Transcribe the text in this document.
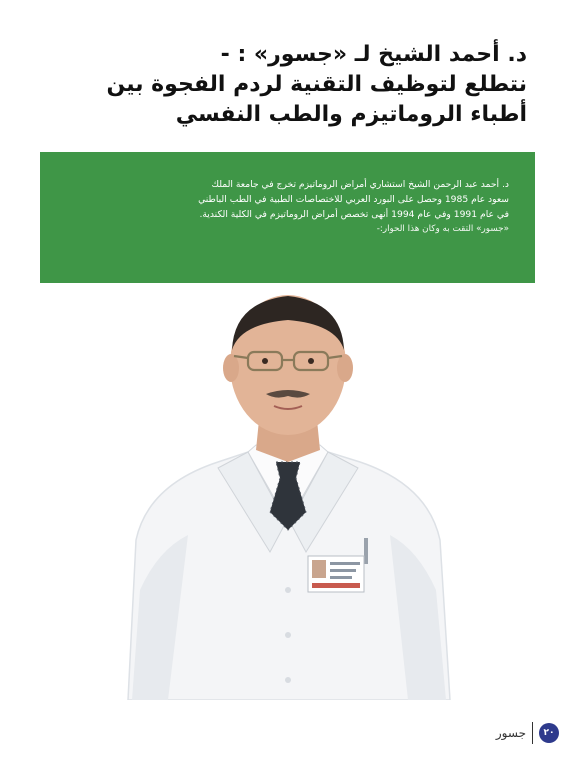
د. أحمد الشيخ لـ «جسور» : -
نتطلع لتوظيف التقنية لردم الفجوة بين
أطباء الروماتيزم والطب النفسي
د. أحمد عبد الرحمن الشيخ استشاري أمراض الروماتيزم تخرج في جامعة الملك
سعود عام 1985 وحصل على البورد العربي للاختصاصات الطبية في الطب الباطني
في عام 1991 وفي عام 1994 أنهى تخصص أمراض الروماتيزم في الكلية الكندية.
«جسور» التقت به وكان هذا الحوار:-
جسور	٢٠
